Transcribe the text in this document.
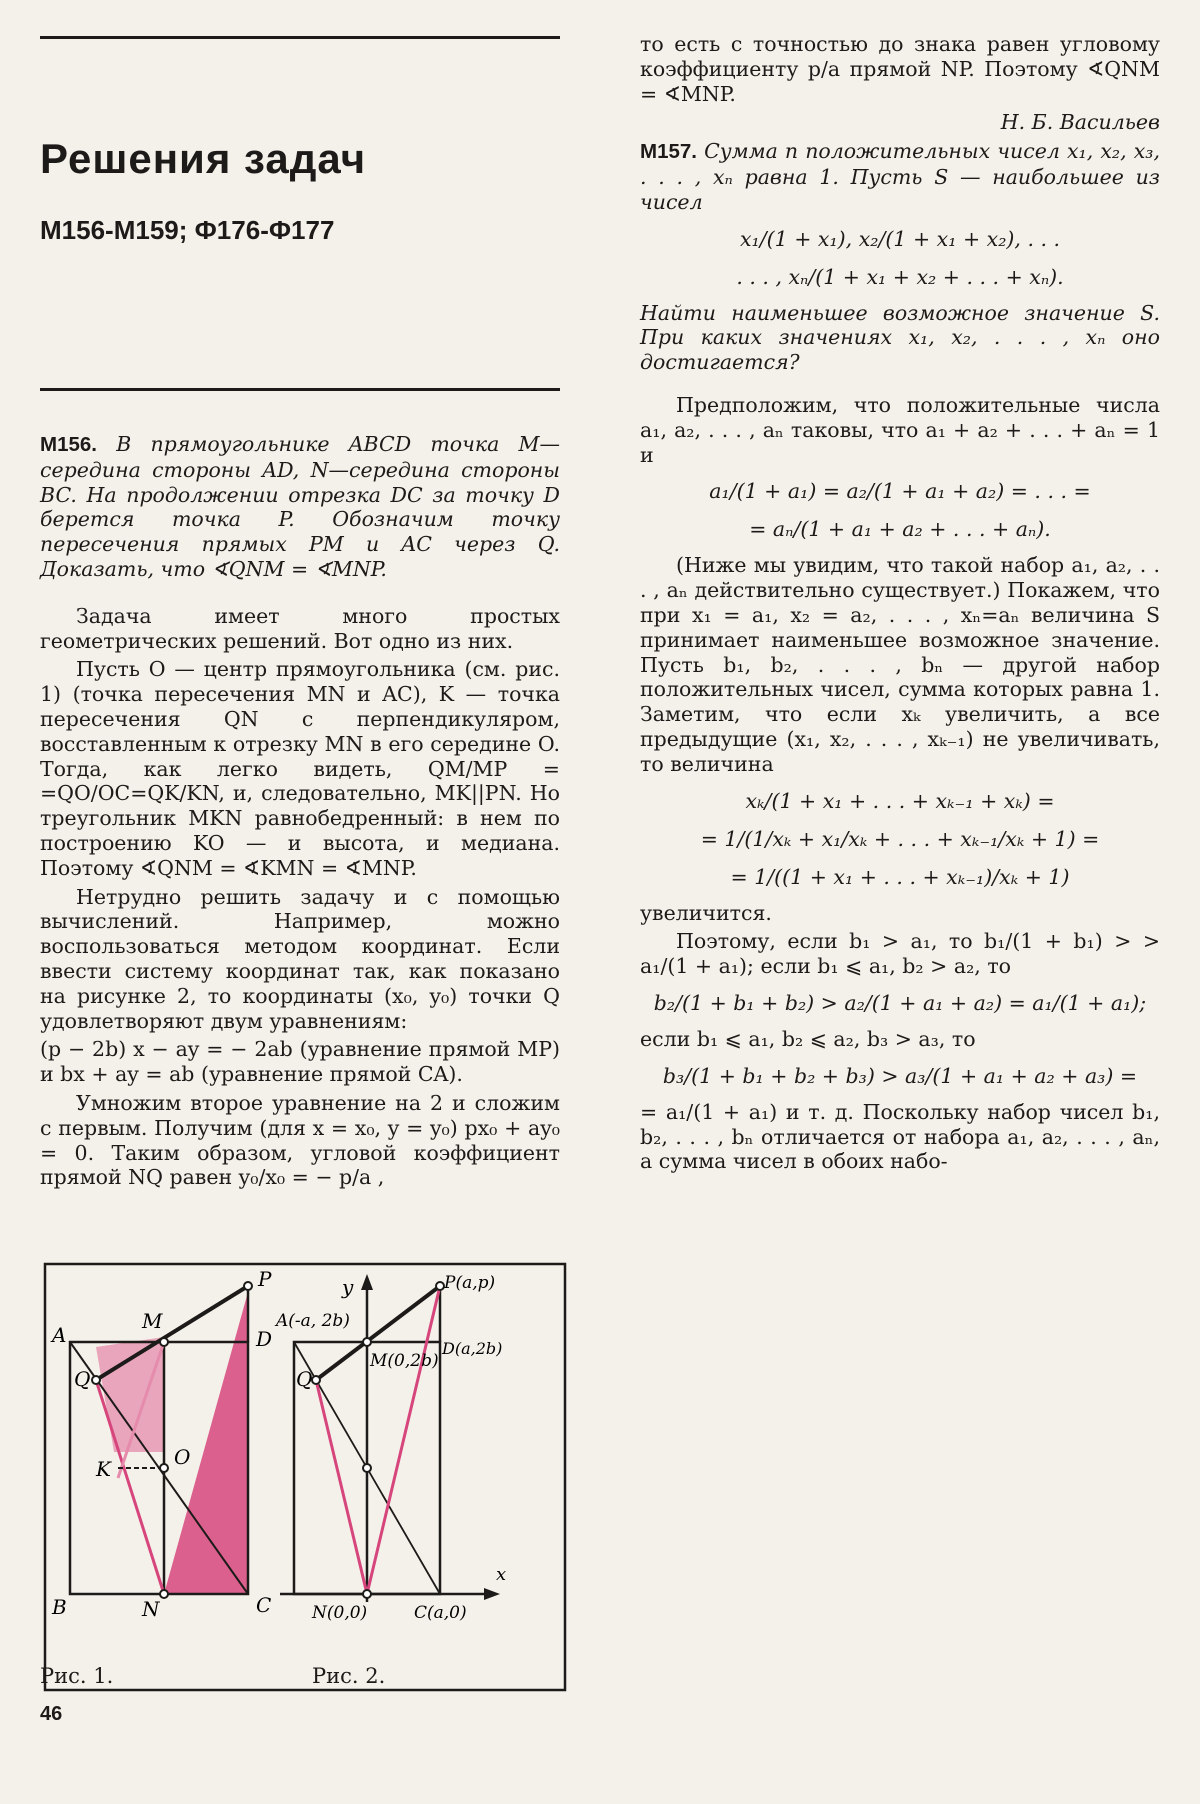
Решения задач
М156-М159; Ф176-Ф177

М156. В прямоугольнике ABCD точка M—середина стороны AD, N—середина стороны BC. На продолжении отрезка DC за точку D берется точка P. Обозначим точку пересечения прямых PM и AC через Q. Доказать, что ∢QNM = ∢MNP.

Задача имеет много простых геометрических решений. Вот одно из них.

Пусть O — центр прямоугольника (см. рис. 1) (точка пересечения MN и AC), K — точка пересечения QN с перпендикуляром, восставленным к отрезку MN в его середине O. Тогда, как легко видеть, QM/MP = =QO/OC=QK/KN, и, следовательно, MK||PN. Но треугольник MKN равнобедренный: в нем по построению KO — и высота, и медиана. Поэтому ∢QNM = ∢KMN = ∢MNP.

Нетрудно решить задачу и с помощью вычислений. Например, можно воспользоваться методом координат. Если ввести систему координат так, как показано на рисунке 2, то координаты (x₀, y₀) точки Q удовлетворяют двум уравнениям:

(p − 2b) x − ay = − 2ab (уравнение прямой MP) и bx + ay = ab (уравнение прямой CA).

Умножим второе уравнение на 2 и сложим с первым. Получим (для x = x₀, y = y₀) px₀ + ay₀ = 0. Таким образом, угловой коэффициент прямой NQ равен y₀/x₀ = − p/a ,

A
B	C
D
M
N
P
Q
K	O
y
A(-a, 2b)
D(a,2b)
M(0,2b)
P(a,p)
Q
N(0,0)	C(a,0)
x
Рис. 1.	Рис. 2.
46

то есть с точностью до знака равен угловому коэффициенту p/a прямой NP. Поэтому ∢QNM = ∢MNP.

Н. Б. Васильев

М157. Сумма n положительных чисел x₁, x₂, x₃, . . . , xₙ равна 1. Пусть S — наибольшее из чисел

x₁/(1 + x₁), x₂/(1 + x₁ + x₂), . . .
. . . , xₙ/(1 + x₁ + x₂ + . . . + xₙ).

Найти наименьшее возможное значение S. При каких значениях x₁, x₂, . . . , xₙ оно достигается?

Предположим, что положительные числа a₁, a₂, . . . , aₙ таковы, что a₁ + a₂ + . . . + aₙ = 1 и

a₁/(1 + a₁) = a₂/(1 + a₁ + a₂) = . . . =
= aₙ/(1 + a₁ + a₂ + . . . + aₙ).

(Ниже мы увидим, что такой набор a₁, a₂, . . . , aₙ действительно существует.) Покажем, что при x₁ = a₁, x₂ = a₂, . . . , xₙ=aₙ величина S принимает наименьшее возможное значение. Пусть b₁, b₂, . . . , bₙ — другой набор положительных чисел, сумма которых равна 1. Заметим, что если xₖ увеличить, а все предыдущие (x₁, x₂, . . . , xₖ₋₁) не увеличивать, то величина

xₖ/(1 + x₁ + . . . + xₖ₋₁ + xₖ) =
= 1/(1/xₖ + x₁/xₖ + . . . + xₖ₋₁/xₖ + 1) =
= 1/((1 + x₁ + . . . + xₖ₋₁)/xₖ + 1)

увеличится.

Поэтому, если b₁ > a₁, то b₁/(1 + b₁) > > a₁/(1 + a₁); если b₁ ⩽ a₁, b₂ > a₂, то

b₂/(1 + b₁ + b₂) > a₂/(1 + a₁ + a₂) = a₁/(1 + a₁);

если b₁ ⩽ a₁, b₂ ⩽ a₂, b₃ > a₃, то

b₃/(1 + b₁ + b₂ + b₃) > a₃/(1 + a₁ + a₂ + a₃) =

= a₁/(1 + a₁) и т. д. Поскольку набор чисел b₁, b₂, . . . , bₙ отличается от набора a₁, a₂, . . . , aₙ, а сумма чисел в обоих набо-
